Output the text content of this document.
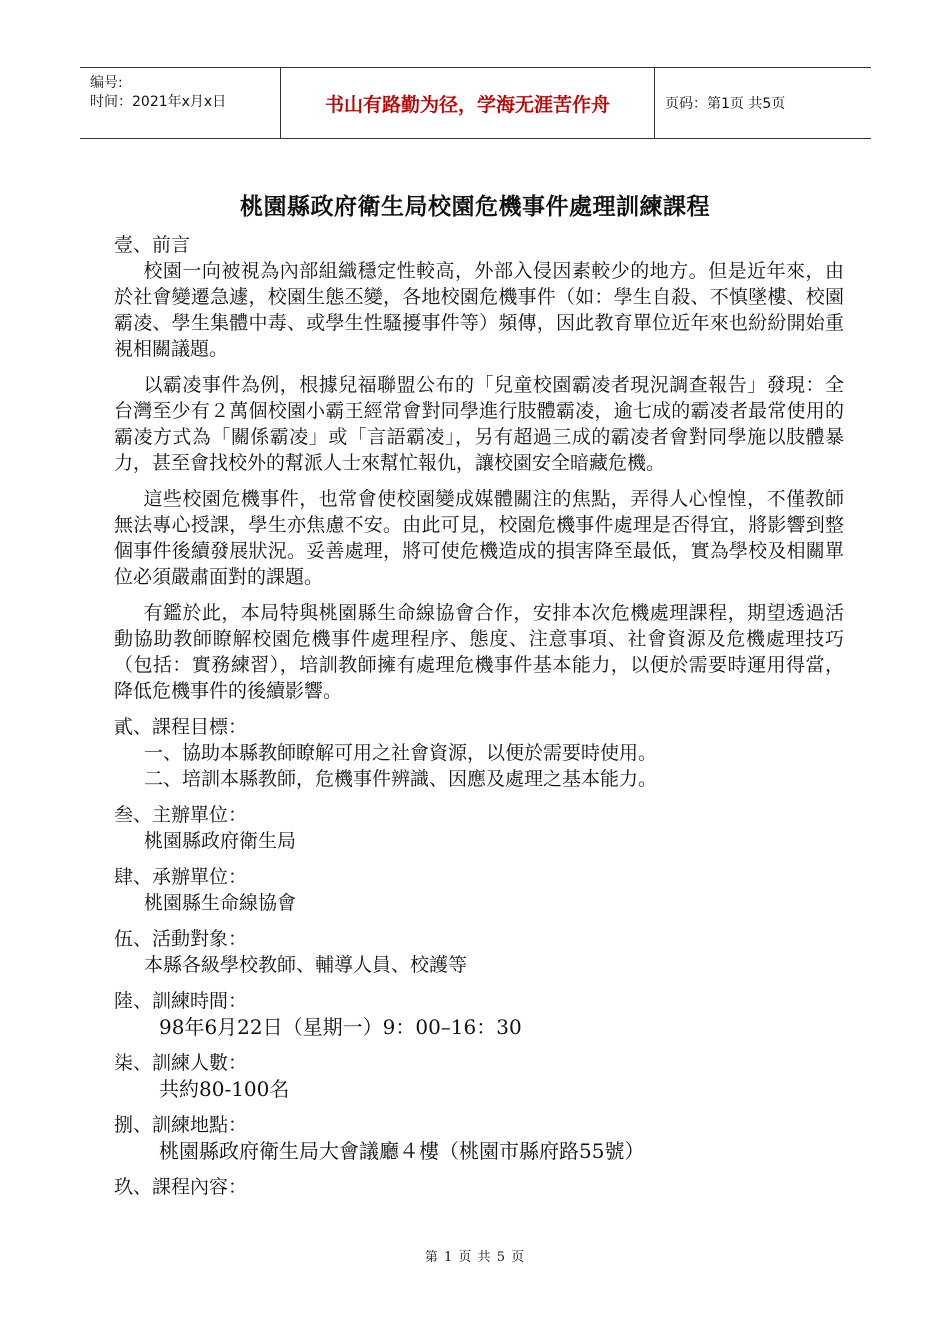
编号:
时间：2021年x月x日	书山有路勤为径，学海无涯苦作舟	页码：第1页 共5页
桃園縣政府衛生局校園危機事件處理訓練課程

壹、前言

校園一向被視為內部組織穩定性較高，外部入侵因素較少的地方。但是近年來，由於社會變遷急遽，校園生態丕變，各地校園危機事件（如：學生自殺、不慎墜樓、校園霸凌、學生集體中毒、或學生性騷擾事件等）頻傳，因此教育單位近年來也紛紛開始重視相關議題。

以霸凌事件為例，根據兒福聯盟公布的「兒童校園霸凌者現況調查報告」發現：全台灣至少有２萬個校園小霸王經常會對同學進行肢體霸凌，逾七成的霸凌者最常使用的霸凌方式為「關係霸凌」或「言語霸凌」，另有超過三成的霸凌者會對同學施以肢體暴力，甚至會找校外的幫派人士來幫忙報仇，讓校園安全暗藏危機。

這些校園危機事件，也常會使校園變成媒體關注的焦點，弄得人心惶惶，不僅教師無法專心授課，學生亦焦慮不安。由此可見，校園危機事件處理是否得宜，將影響到整個事件後續發展狀況。妥善處理，將可使危機造成的損害降至最低，實為學校及相關單位必須嚴肅面對的課題。

有鑑於此，本局特與桃園縣生命線協會合作，安排本次危機處理課程，期望透過活動協助教師瞭解校園危機事件處理程序、態度、注意事項、社會資源及危機處理技巧（包括：實務練習），培訓教師擁有處理危機事件基本能力，以便於需要時運用得當，降低危機事件的後續影響。

貳、課程目標：

一、協助本縣教師瞭解可用之社會資源，以便於需要時使用。

二、培訓本縣教師，危機事件辨識、因應及處理之基本能力。

叁、主辦單位：

桃園縣政府衛生局

肆、承辦單位：

桃園縣生命線協會

伍、活動對象：

本縣各級學校教師、輔導人員、校護等

陸、訓練時間：

98年6月22日（星期一）9：00–16：30

柒、訓練人數：

共約80-100名

捌、訓練地點：

桃園縣政府衛生局大會議廳４樓（桃園市縣府路55號）

玖、課程內容：

第 1 页 共 5 页
